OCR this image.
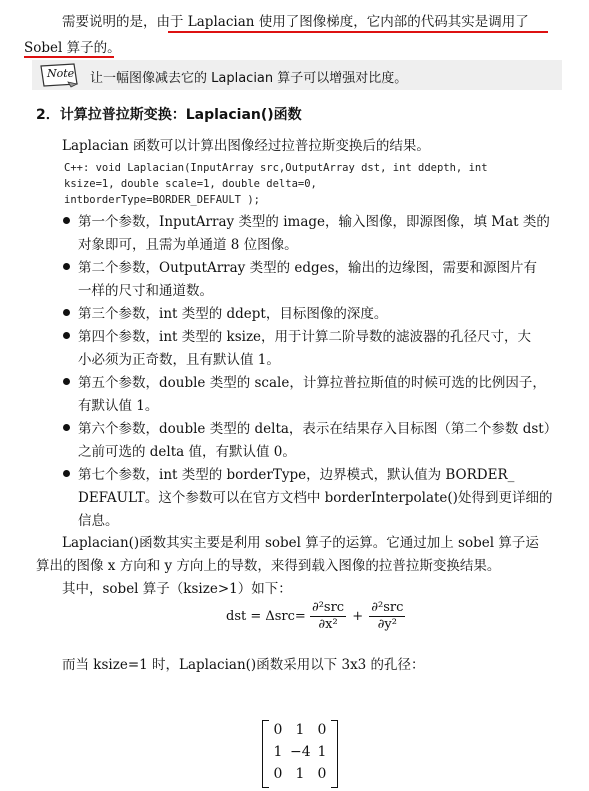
需要说明的是，由于 Laplacian 使用了图像梯度，它内部的代码其实是调用了
Sobel 算子的。
Note 让一幅图像减去它的 Laplacian 算子可以增强对比度。
2．计算拉普拉斯变换：Laplacian()函数
Laplacian 函数可以计算出图像经过拉普拉斯变换后的结果。
C++: void Laplacian(InputArray src,OutputArray dst, int ddepth, int
ksize=1, double scale=1, double delta=0,
intborderType=BORDER_DEFAULT );
第一个参数，InputArray 类型的 image，输入图像，即源图像，填 Mat 类的
对象即可，且需为单通道 8 位图像。
第二个参数，OutputArray 类型的 edges，输出的边缘图，需要和源图片有
一样的尺寸和通道数。
第三个参数，int 类型的 ddept，目标图像的深度。
第四个参数，int 类型的 ksize，用于计算二阶导数的滤波器的孔径尺寸，大
小必须为正奇数，且有默认值 1。
第五个参数，double 类型的 scale，计算拉普拉斯值的时候可选的比例因子，
有默认值 1。
第六个参数，double 类型的 delta，表示在结果存入目标图（第二个参数 dst）
之前可选的 delta 值，有默认值 0。
第七个参数，int 类型的 borderType，边界模式，默认值为 BORDER_
DEFAULT。这个参数可以在官方文档中 borderInterpolate()处得到更详细的
信息。
Laplacian()函数其实主要是利用 sobel 算子的运算。它通过加上 sobel 算子运
算出的图像 x 方向和 y 方向上的导数，来得到载入图像的拉普拉斯变换结果。
其中，sobel 算子（ksize>1）如下：
dst = $\Delta src= \frac{\text{∂²src}}{\text{∂x²}} + \frac{\text{∂²src}}{\text{∂y²}}$
而当 ksize=1 时，Laplacian()函数采用以下 3x3 的孔径：
0 1 0
1 −4 1
0 1 0
